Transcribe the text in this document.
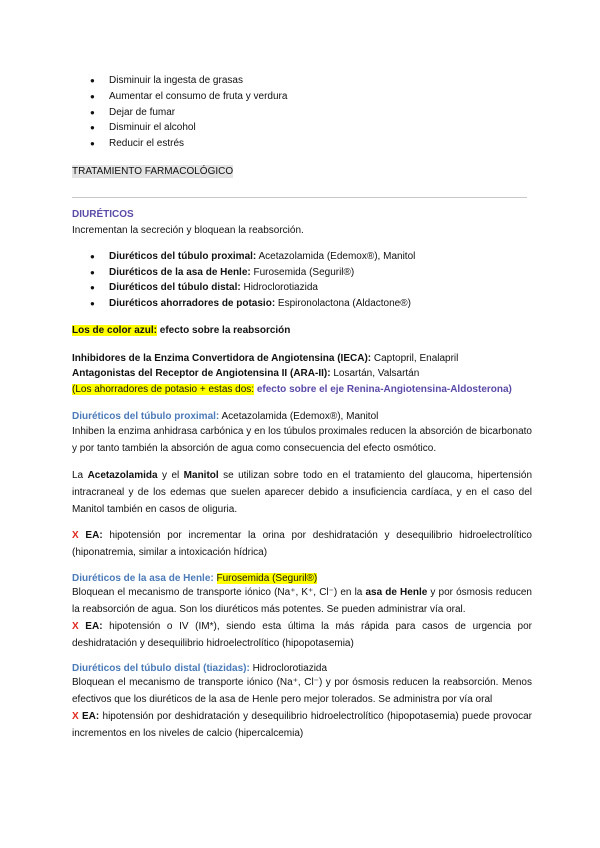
● Disminuir la ingesta de grasas
● Aumentar el consumo de fruta y verdura
● Dejar de fumar
● Disminuir el alcohol
● Reducir el estrés
TRATAMIENTO FARMACOLÓGICO
DIURÉTICOS
Incrementan la secreción y bloquean la reabsorción.
● Diuréticos del túbulo proximal: Acetazolamida (Edemox®), Manitol
● Diuréticos de la asa de Henle: Furosemida (Seguril®)
● Diuréticos del túbulo distal: Hidroclorotiazida
● Diuréticos ahorradores de potasio: Espironolactona (Aldactone®)
Los de color azul: efecto sobre la reabsorción
Inhibidores de la Enzima Convertidora de Angiotensina (IECA): Captopril, Enalapril
Antagonistas del Receptor de Angiotensina II (ARA-II): Losartán, Valsartán
(Los ahorradores de potasio + estas dos: efecto sobre el eje Renina-Angiotensina-Aldosterona)
Diuréticos del túbulo proximal: Acetazolamida (Edemox®), Manitol
Inhiben la enzima anhidrasa carbónica y en los túbulos proximales reducen la absorción de bicarbonato y por tanto también la absorción de agua como consecuencia del efecto osmótico.
La Acetazolamida y el Manitol se utilizan sobre todo en el tratamiento del glaucoma, hipertensión intracraneal y de los edemas que suelen aparecer debido a insuficiencia cardíaca, y en el caso del Manitol también en casos de oliguria.
X EA: hipotensión por incrementar la orina por deshidratación y desequilibrio hidroelectrolítico (hiponatremia, similar a intoxicación hídrica)
Diuréticos de la asa de Henle: Furosemida (Seguril®)
Bloquean el mecanismo de transporte iónico (Na⁺, K⁺, Cl⁻) en la asa de Henle y por ósmosis reducen la reabsorción de agua. Son los diuréticos más potentes. Se pueden administrar vía oral.
X EA: hipotensión o IV (IM*), siendo esta última la más rápida para casos de urgencia por deshidratación y desequilibrio hidroelectrolítico (hipopotasemia)
Diuréticos del túbulo distal (tiazidas): Hidroclorotiazida
Bloquean el mecanismo de transporte iónico (Na⁺, Cl⁻) y por ósmosis reducen la reabsorción. Menos efectivos que los diuréticos de la asa de Henle pero mejor tolerados. Se administra por vía oral
X EA: hipotensión por deshidratación y desequilibrio hidroelectrolítico (hipopotasemia) puede provocar incrementos en los niveles de calcio (hipercalcemia)
